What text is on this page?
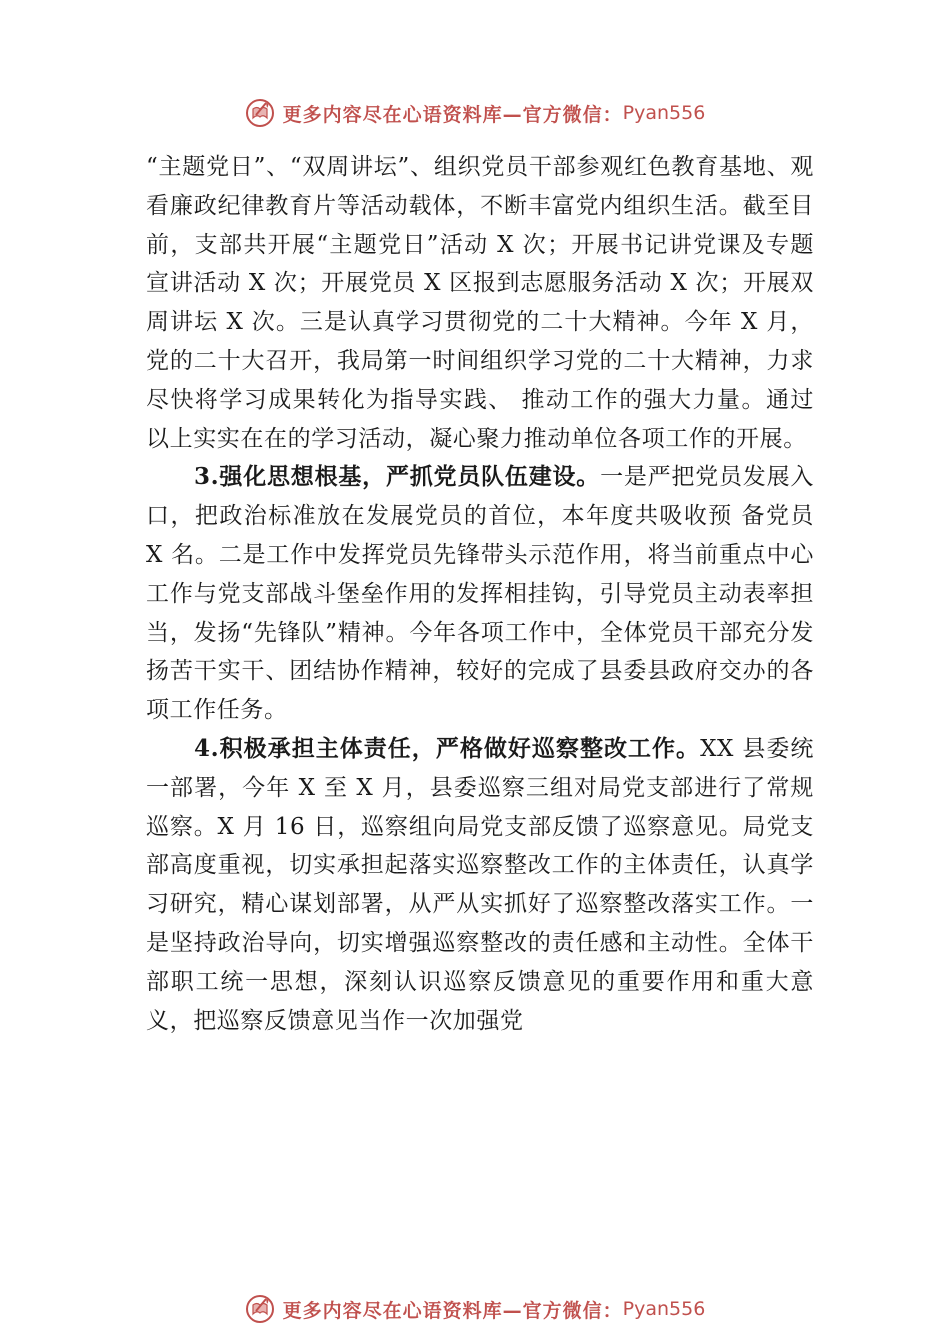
更多内容尽在心语资料库—官方微信： Pyan556

“主题党日”、“双周讲坛”、组织党员干部参观红色教育基地、观看廉政纪律教育片等活动载体，不断丰富党内组织生活。截至目前，支部共开展“主题党日”活动 X 次；开展书记讲党课及专题宣讲活动 X 次；开展党员 X 区报到志愿服务活动 X 次；开展双周讲坛 X 次。三是认真学习贯彻党的二十大精神。今年 X 月，党的二十大召开，我局第一时间组织学习党的二十大精神，力求尽快将学习成果转化为指导实践、 推动工作的强大力量。通过以上实实在在的学习活动，凝心聚力推动单位各项工作的开展。

3.强化思想根基，严抓党员队伍建设。一是严把党员发展入口，把政治标准放在发展党员的首位，本年度共吸收预 备党员 X 名。二是工作中发挥党员先锋带头示范作用，将当前重点中心工作与党支部战斗堡垒作用的发挥相挂钩，引导党员主动表率担当，发扬“先锋队”精神。今年各项工作中，全体党员干部充分发扬苦干实干、团结协作精神，较好的完成了县委县政府交办的各项工作任务。

4.积极承担主体责任，严格做好巡察整改工作。XX 县委统一部署，今年 X 至 X 月，县委巡察三组对局党支部进行了常规巡察。X 月 16 日，巡察组向局党支部反馈了巡察意见。局党支部高度重视，切实承担起落实巡察整改工作的主体责任，认真学习研究，精心谋划部署，从严从实抓好了巡察整改落实工作。一是坚持政治导向，切实增强巡察整改的责任感和主动性。全体干部职工统一思想，深刻认识巡察反馈意见的重要作用和重大意义，把巡察反馈意见当作一次加强党

更多内容尽在心语资料库—官方微信： Pyan556
